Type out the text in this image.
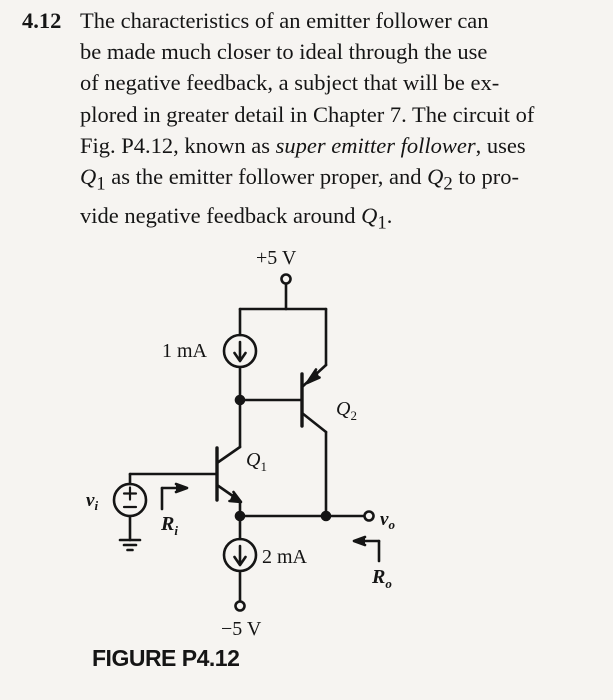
4.12 The characteristics of an emitter follower can
be made much closer to ideal through the use
of negative feedback, a subject that will be ex-
plored in greater detail in Chapter 7. The circuit of
Fig. P4.12, known as super emitter follower, uses
$Q_1$ as the emitter follower proper, and $Q_2$ to pro-
vide negative feedback around $Q_1$.
+5 V
1 mA
$Q_2$
$Q_1$
$v_i$
$R_i$
$v_o$
$R_o$
2 mA
−5 V
FIGURE P4.12
